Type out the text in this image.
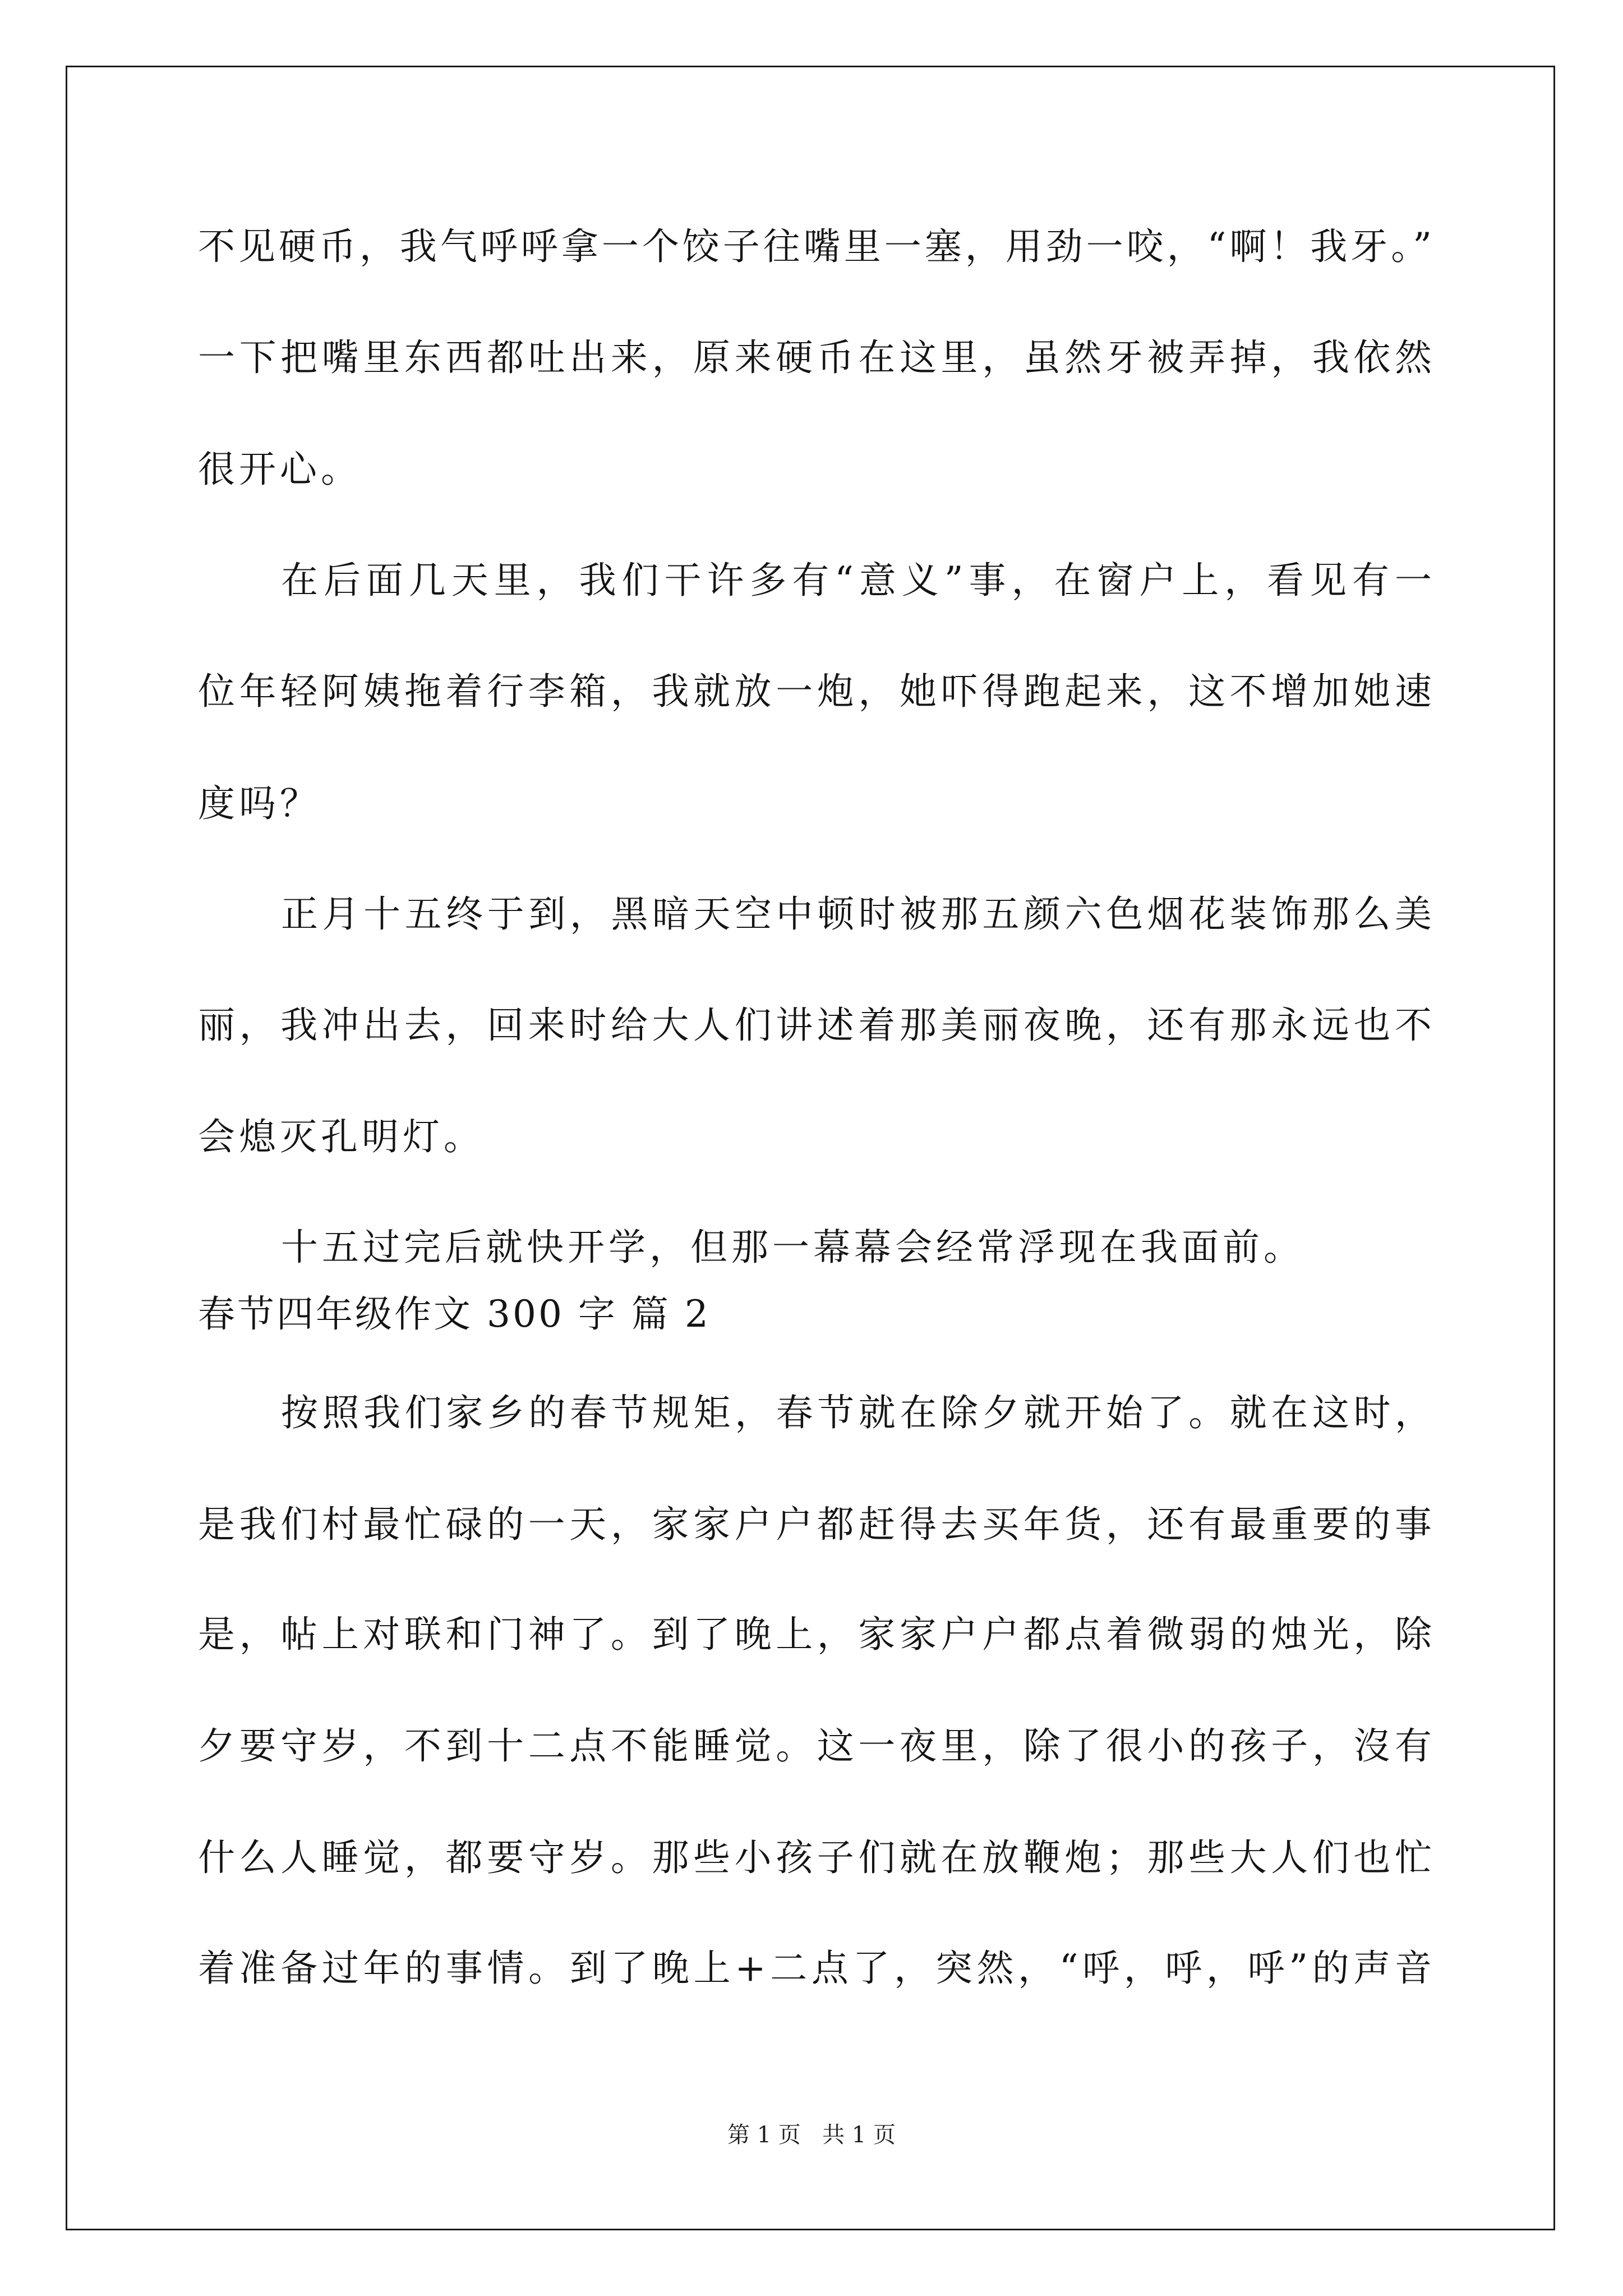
不见硬币，我气呼呼拿一个饺子往嘴里一塞，用劲一咬，“啊！我牙。”
一下把嘴里东西都吐出来，原来硬币在这里，虽然牙被弄掉，我依然
很开心。
在后面几天里，我们干许多有“意义”事，在窗户上，看见有一
位年轻阿姨拖着行李箱，我就放一炮，她吓得跑起来，这不增加她速
度吗？
正月十五终于到，黑暗天空中顿时被那五颜六色烟花装饰那么美
丽，我冲出去，回来时给大人们讲述着那美丽夜晚，还有那永远也不
会熄灭孔明灯。
十五过完后就快开学，但那一幕幕会经常浮现在我面前。
春节四年级作文 300 字 篇 2
按照我们家乡的春节规矩，春节就在除夕就开始了。就在这时，
是我们村最忙碌的一天，家家户户都赶得去买年货，还有最重要的事
是，帖上对联和门神了。到了晚上，家家户户都点着微弱的烛光，除
夕要守岁，不到十二点不能睡觉。这一夜里，除了很小的孩子，沒有
什么人睡觉，都要守岁。那些小孩子们就在放鞭炮；那些大人们也忙
着准备过年的事情。到了晚上+二点了，突然，“呼，呼，呼”的声音
第 1 页   共 1 页
